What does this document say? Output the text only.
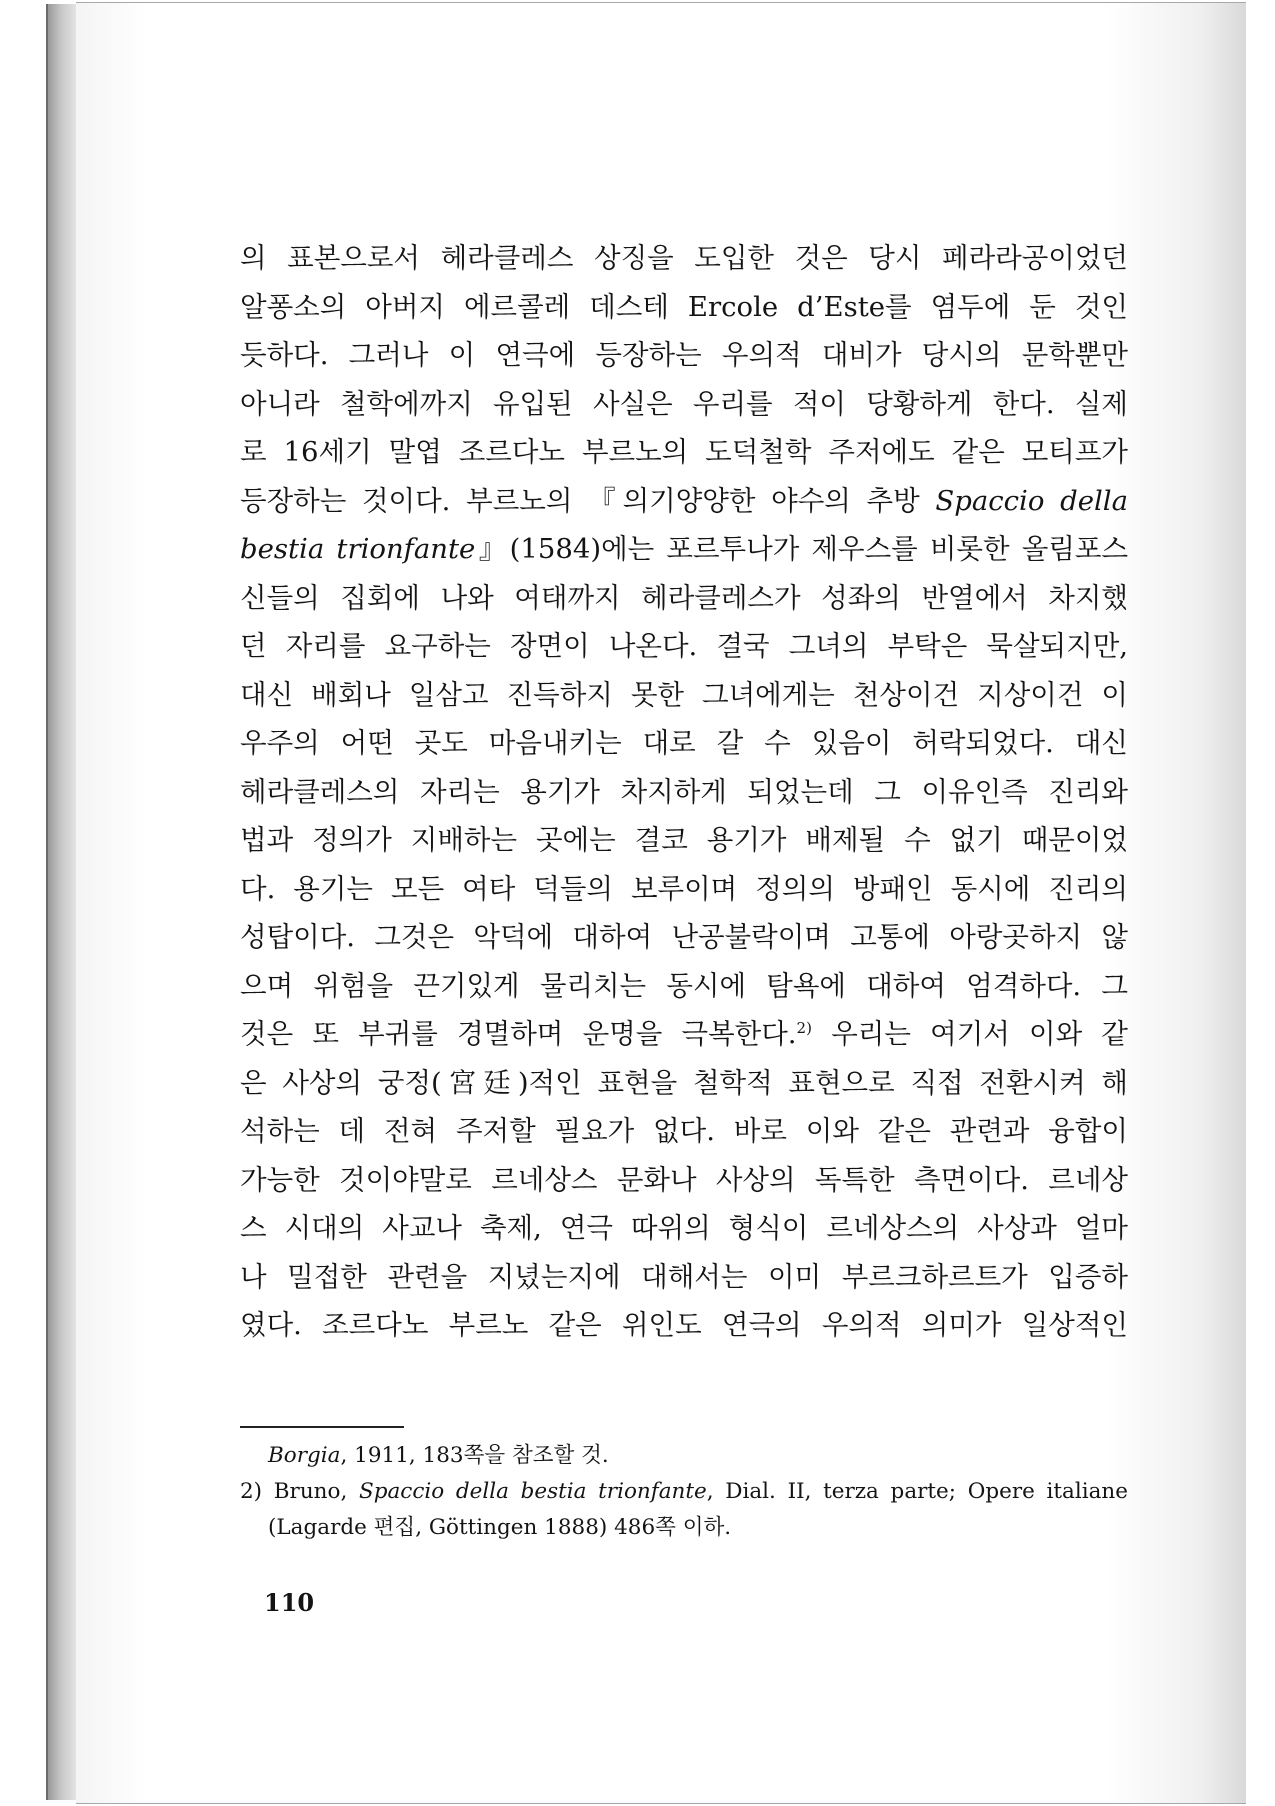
의 표본으로서 헤라클레스 상징을 도입한 것은 당시 페라라공이었던
알퐁소의 아버지 에르콜레 데스테 Ercole d’Este를 염두에 둔 것인
듯하다. 그러나 이 연극에 등장하는 우의적 대비가 당시의 문학뿐만
아니라 철학에까지 유입된 사실은 우리를 적이 당황하게 한다. 실제
로 16세기 말엽 조르다노 부르노의 도덕철학 주저에도 같은 모티프가
등장하는 것이다. 부르노의 『의기양양한 야수의 추방 Spaccio della
bestia trionfante』(1584)에는 포르투나가 제우스를 비롯한 올림포스
신들의 집회에 나와 여태까지 헤라클레스가 성좌의 반열에서 차지했
던 자리를 요구하는 장면이 나온다. 결국 그녀의 부탁은 묵살되지만,
대신 배회나 일삼고 진득하지 못한 그녀에게는 천상이건 지상이건 이
우주의 어떤 곳도 마음내키는 대로 갈 수 있음이 허락되었다. 대신
헤라클레스의 자리는 용기가 차지하게 되었는데 그 이유인즉 진리와
법과 정의가 지배하는 곳에는 결코 용기가 배제될 수 없기 때문이었
다. 용기는 모든 여타 덕들의 보루이며 정의의 방패인 동시에 진리의
성탑이다. 그것은 악덕에 대하여 난공불락이며 고통에 아랑곳하지 않
으며 위험을 끈기있게 물리치는 동시에 탐욕에 대하여 엄격하다. 그
것은 또 부귀를 경멸하며 운명을 극복한다.$^{2)}$ 우리는 여기서 이와 같
은 사상의 궁정(宮廷)적인 표현을 철학적 표현으로 직접 전환시켜 해
석하는 데 전혀 주저할 필요가 없다. 바로 이와 같은 관련과 융합이
가능한 것이야말로 르네상스 문화나 사상의 독특한 측면이다. 르네상
스 시대의 사교나 축제, 연극 따위의 형식이 르네상스의 사상과 얼마
나 밀접한 관련을 지녔는지에 대해서는 이미 부르크하르트가 입증하
였다. 조르다노 부르노 같은 위인도 연극의 우의적 의미가 일상적인
Borgia, 1911, 183쪽을 참조할 것.
2) Bruno, Spaccio della bestia trionfante, Dial. II, terza parte; Opere italiane
(Lagarde 편집, Göttingen 1888) 486쪽 이하.
110
